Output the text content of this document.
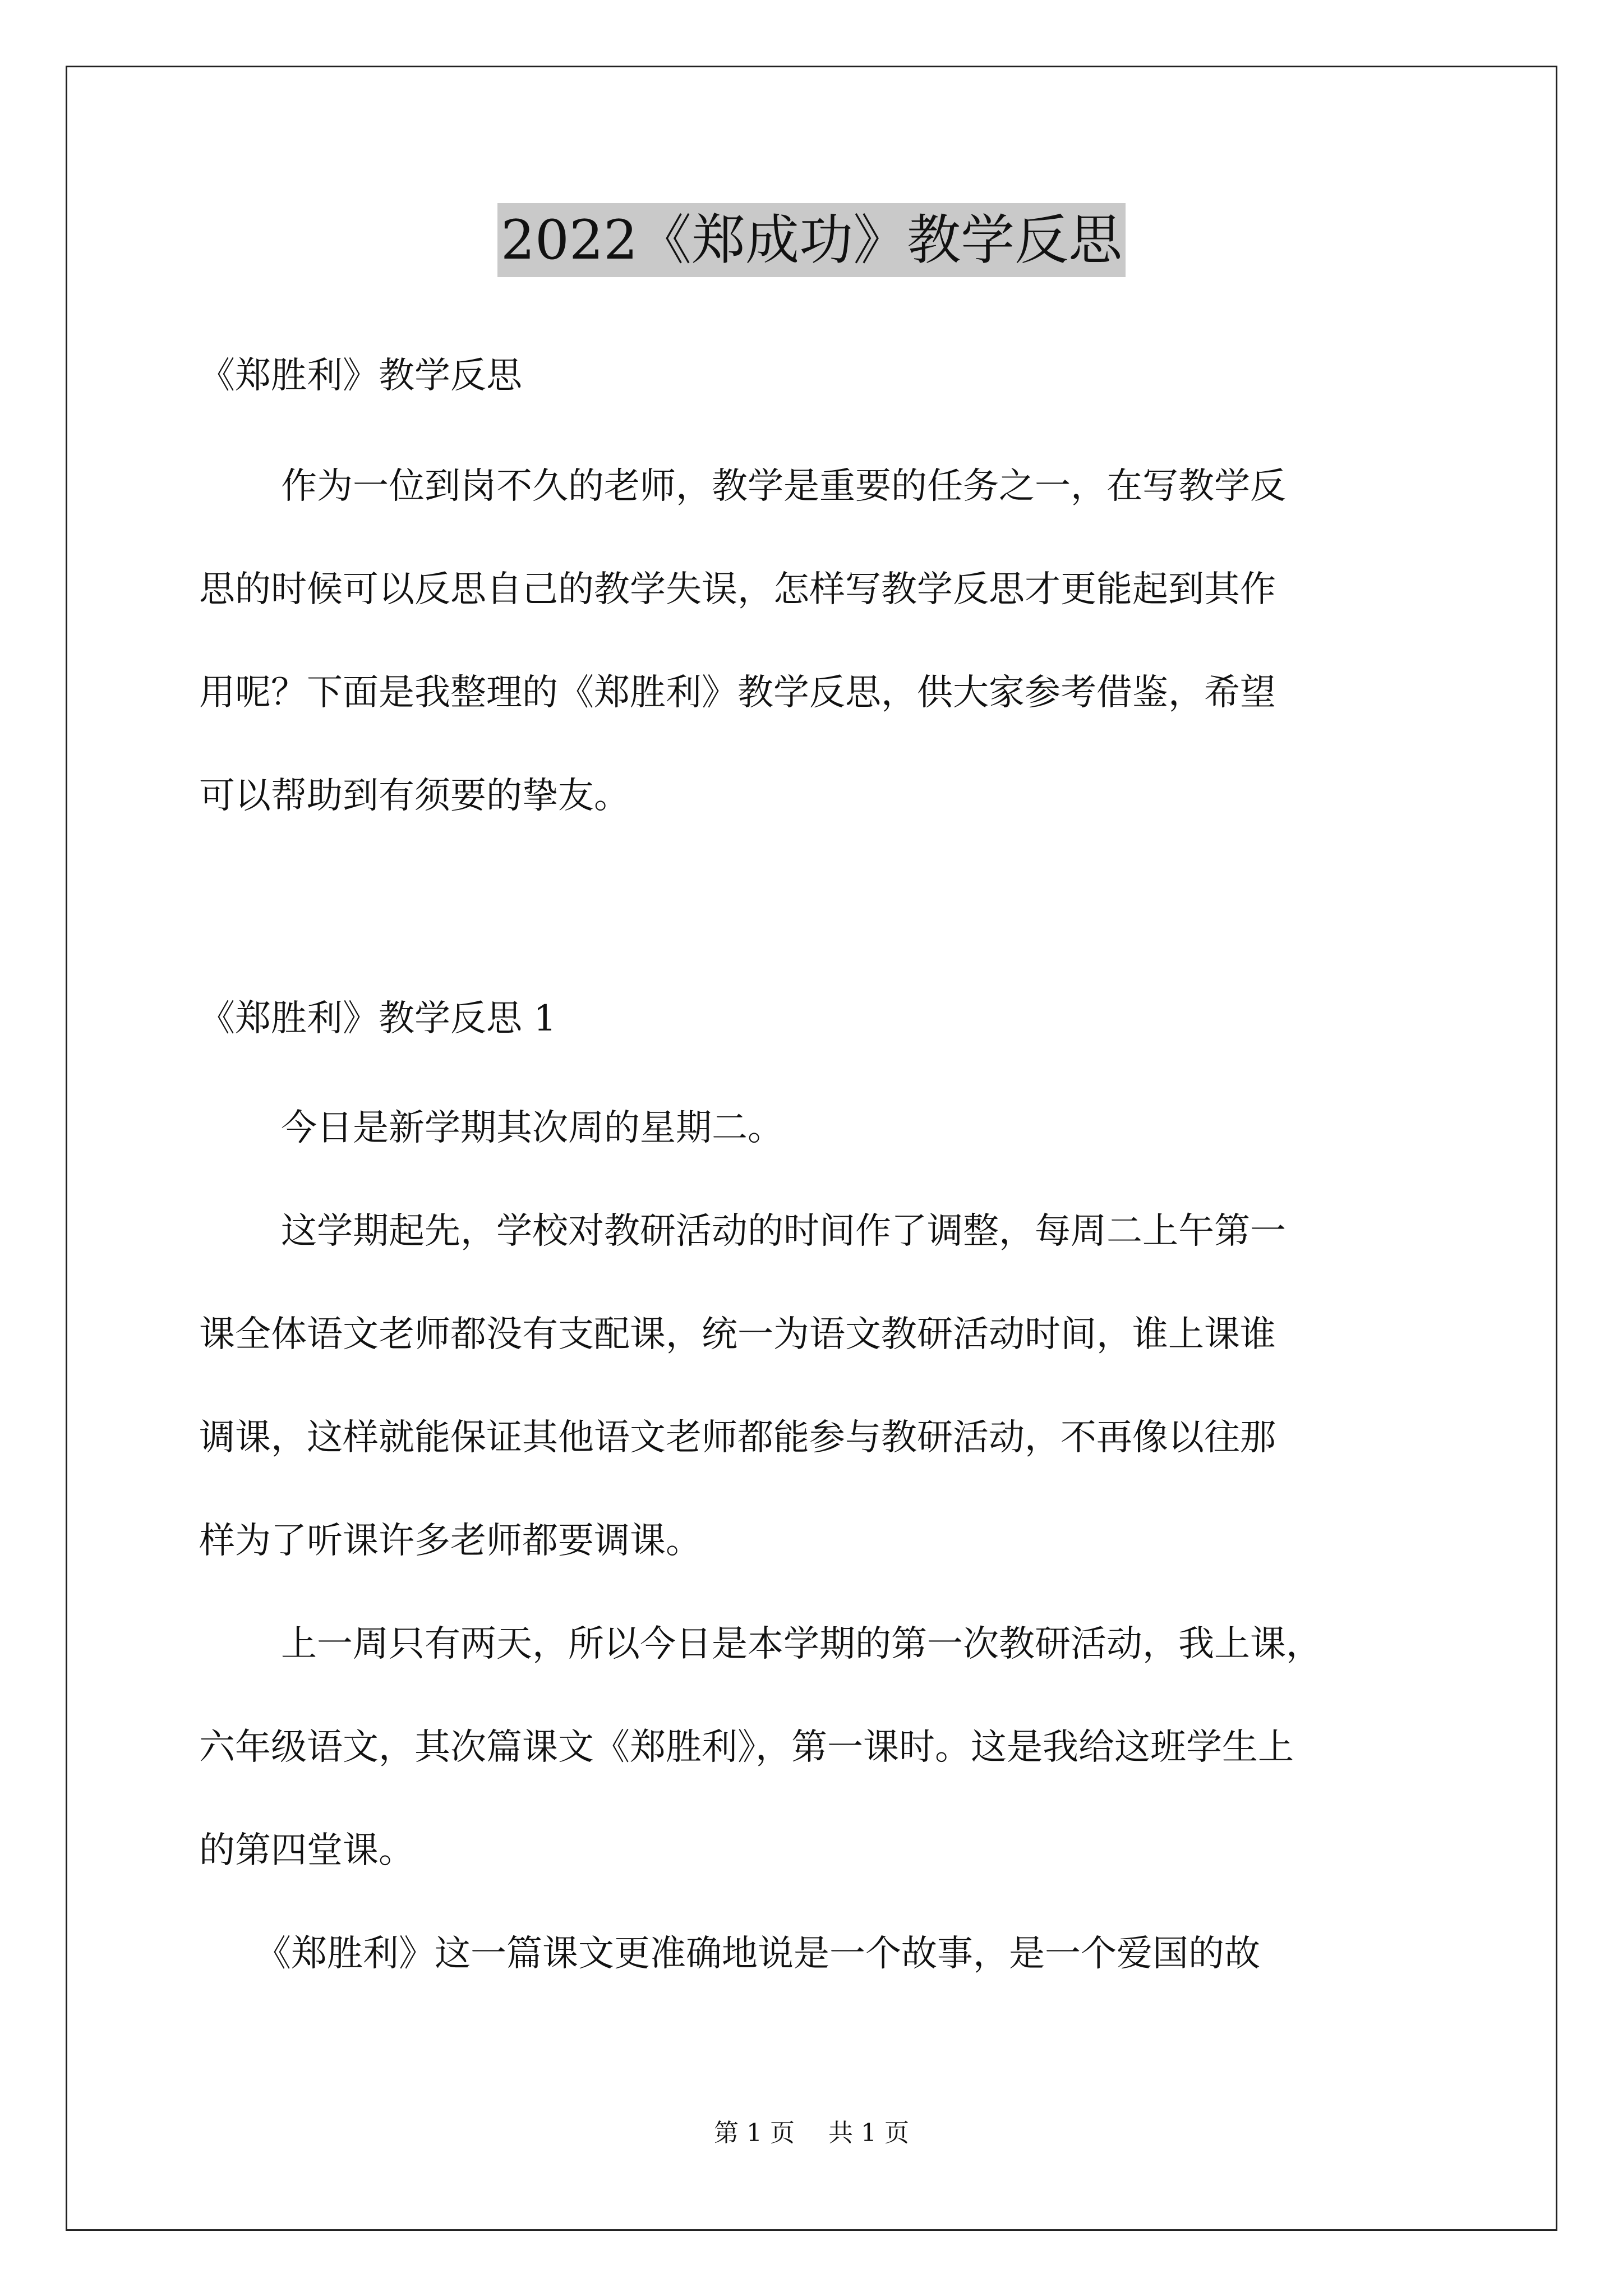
2022《郑成功》教学反思
《郑胜利》教学反思
作为一位到岗不久的老师，教学是重要的任务之一，在写教学反
思的时候可以反思自己的教学失误，怎样写教学反思才更能起到其作
用呢？下面是我整理的《郑胜利》教学反思，供大家参考借鉴，希望
可以帮助到有须要的挚友。
《郑胜利》教学反思 1
今日是新学期其次周的星期二。
这学期起先，学校对教研活动的时间作了调整，每周二上午第一
课全体语文老师都没有支配课，统一为语文教研活动时间，谁上课谁
调课，这样就能保证其他语文老师都能参与教研活动，不再像以往那
样为了听课许多老师都要调课。
上一周只有两天，所以今日是本学期的第一次教研活动，我上课，
六年级语文，其次篇课文《郑胜利》，第一课时。这是我给这班学生上
的第四堂课。
《郑胜利》这一篇课文更准确地说是一个故事，是一个爱国的故
第 1 页 共 1 页
